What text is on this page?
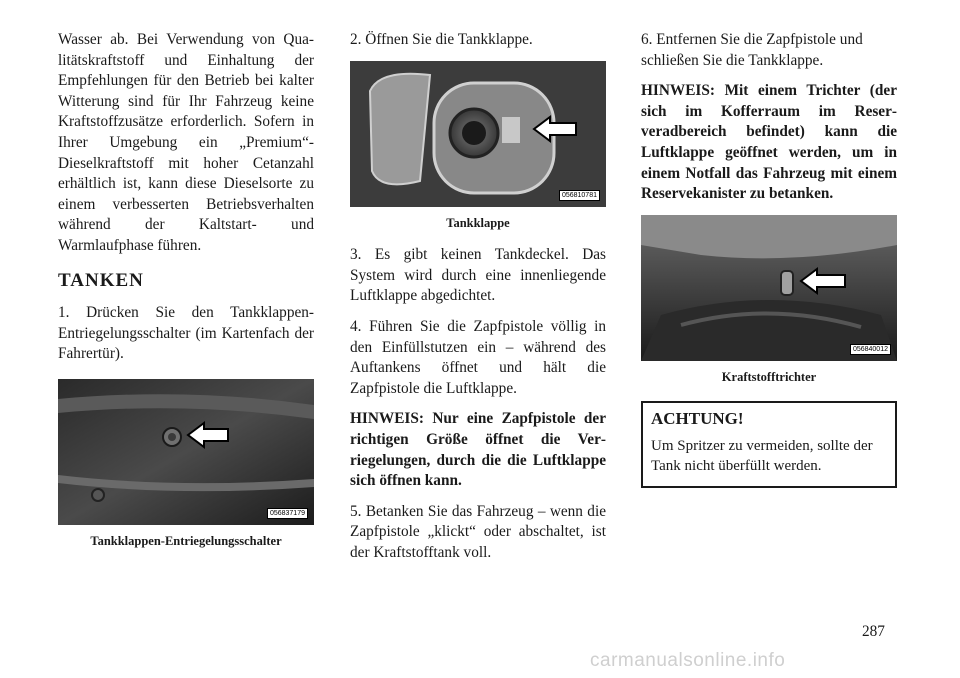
Wasser ab. Bei Verwendung von Qualitätskraftstoff und Einhaltung der Empfehlungen für den Betrieb bei kalter Witterung sind für Ihr Fahrzeug keine Kraftstoffzusätze erforderlich. Sofern in Ihrer Umgebung ein „Premium“-Dieselkraftstoff mit hoher Cetanzahl erhältlich ist, kann diese Dieselsorte zu einem verbesserten Betriebsverhalten während der Kaltstart- und Warmlaufphase führen.

TANKEN

1. Drücken Sie den Tankklappen-Entriegelungsschalter (im Kartenfach der Fahrertür).

056837179
Tankklappen-Entriegelungsschalter

2. Öffnen Sie die Tankklappe.

056810781
Tankklappe

3. Es gibt keinen Tankdeckel. Das System wird durch eine innenliegende Luftklappe abgedichtet.

4. Führen Sie die Zapfpistole völlig in den Einfüllstutzen ein – während des Auftankens öffnet und hält die Zapfpistole die Luftklappe.

HINWEIS: Nur eine Zapfpistole der richtigen Größe öffnet die Verriegelungen, durch die die Luftklappe sich öffnen kann.

5. Betanken Sie das Fahrzeug – wenn die Zapfpistole „klickt“ oder abschaltet, ist der Kraftstofftank voll.

6. Entfernen Sie die Zapfpistole und schließen Sie die Tankklappe.

HINWEIS: Mit einem Trichter (der sich im Kofferraum im Reserveradbereich befindet) kann die Luftklappe geöffnet werden, um in einem Notfall das Fahrzeug mit einem Reservekanister zu betanken.

056840012
Kraftstofftrichter
ACHTUNG!
Um Spritzer zu vermeiden, sollte der Tank nicht überfüllt werden.
287
carmanualsonline.info
